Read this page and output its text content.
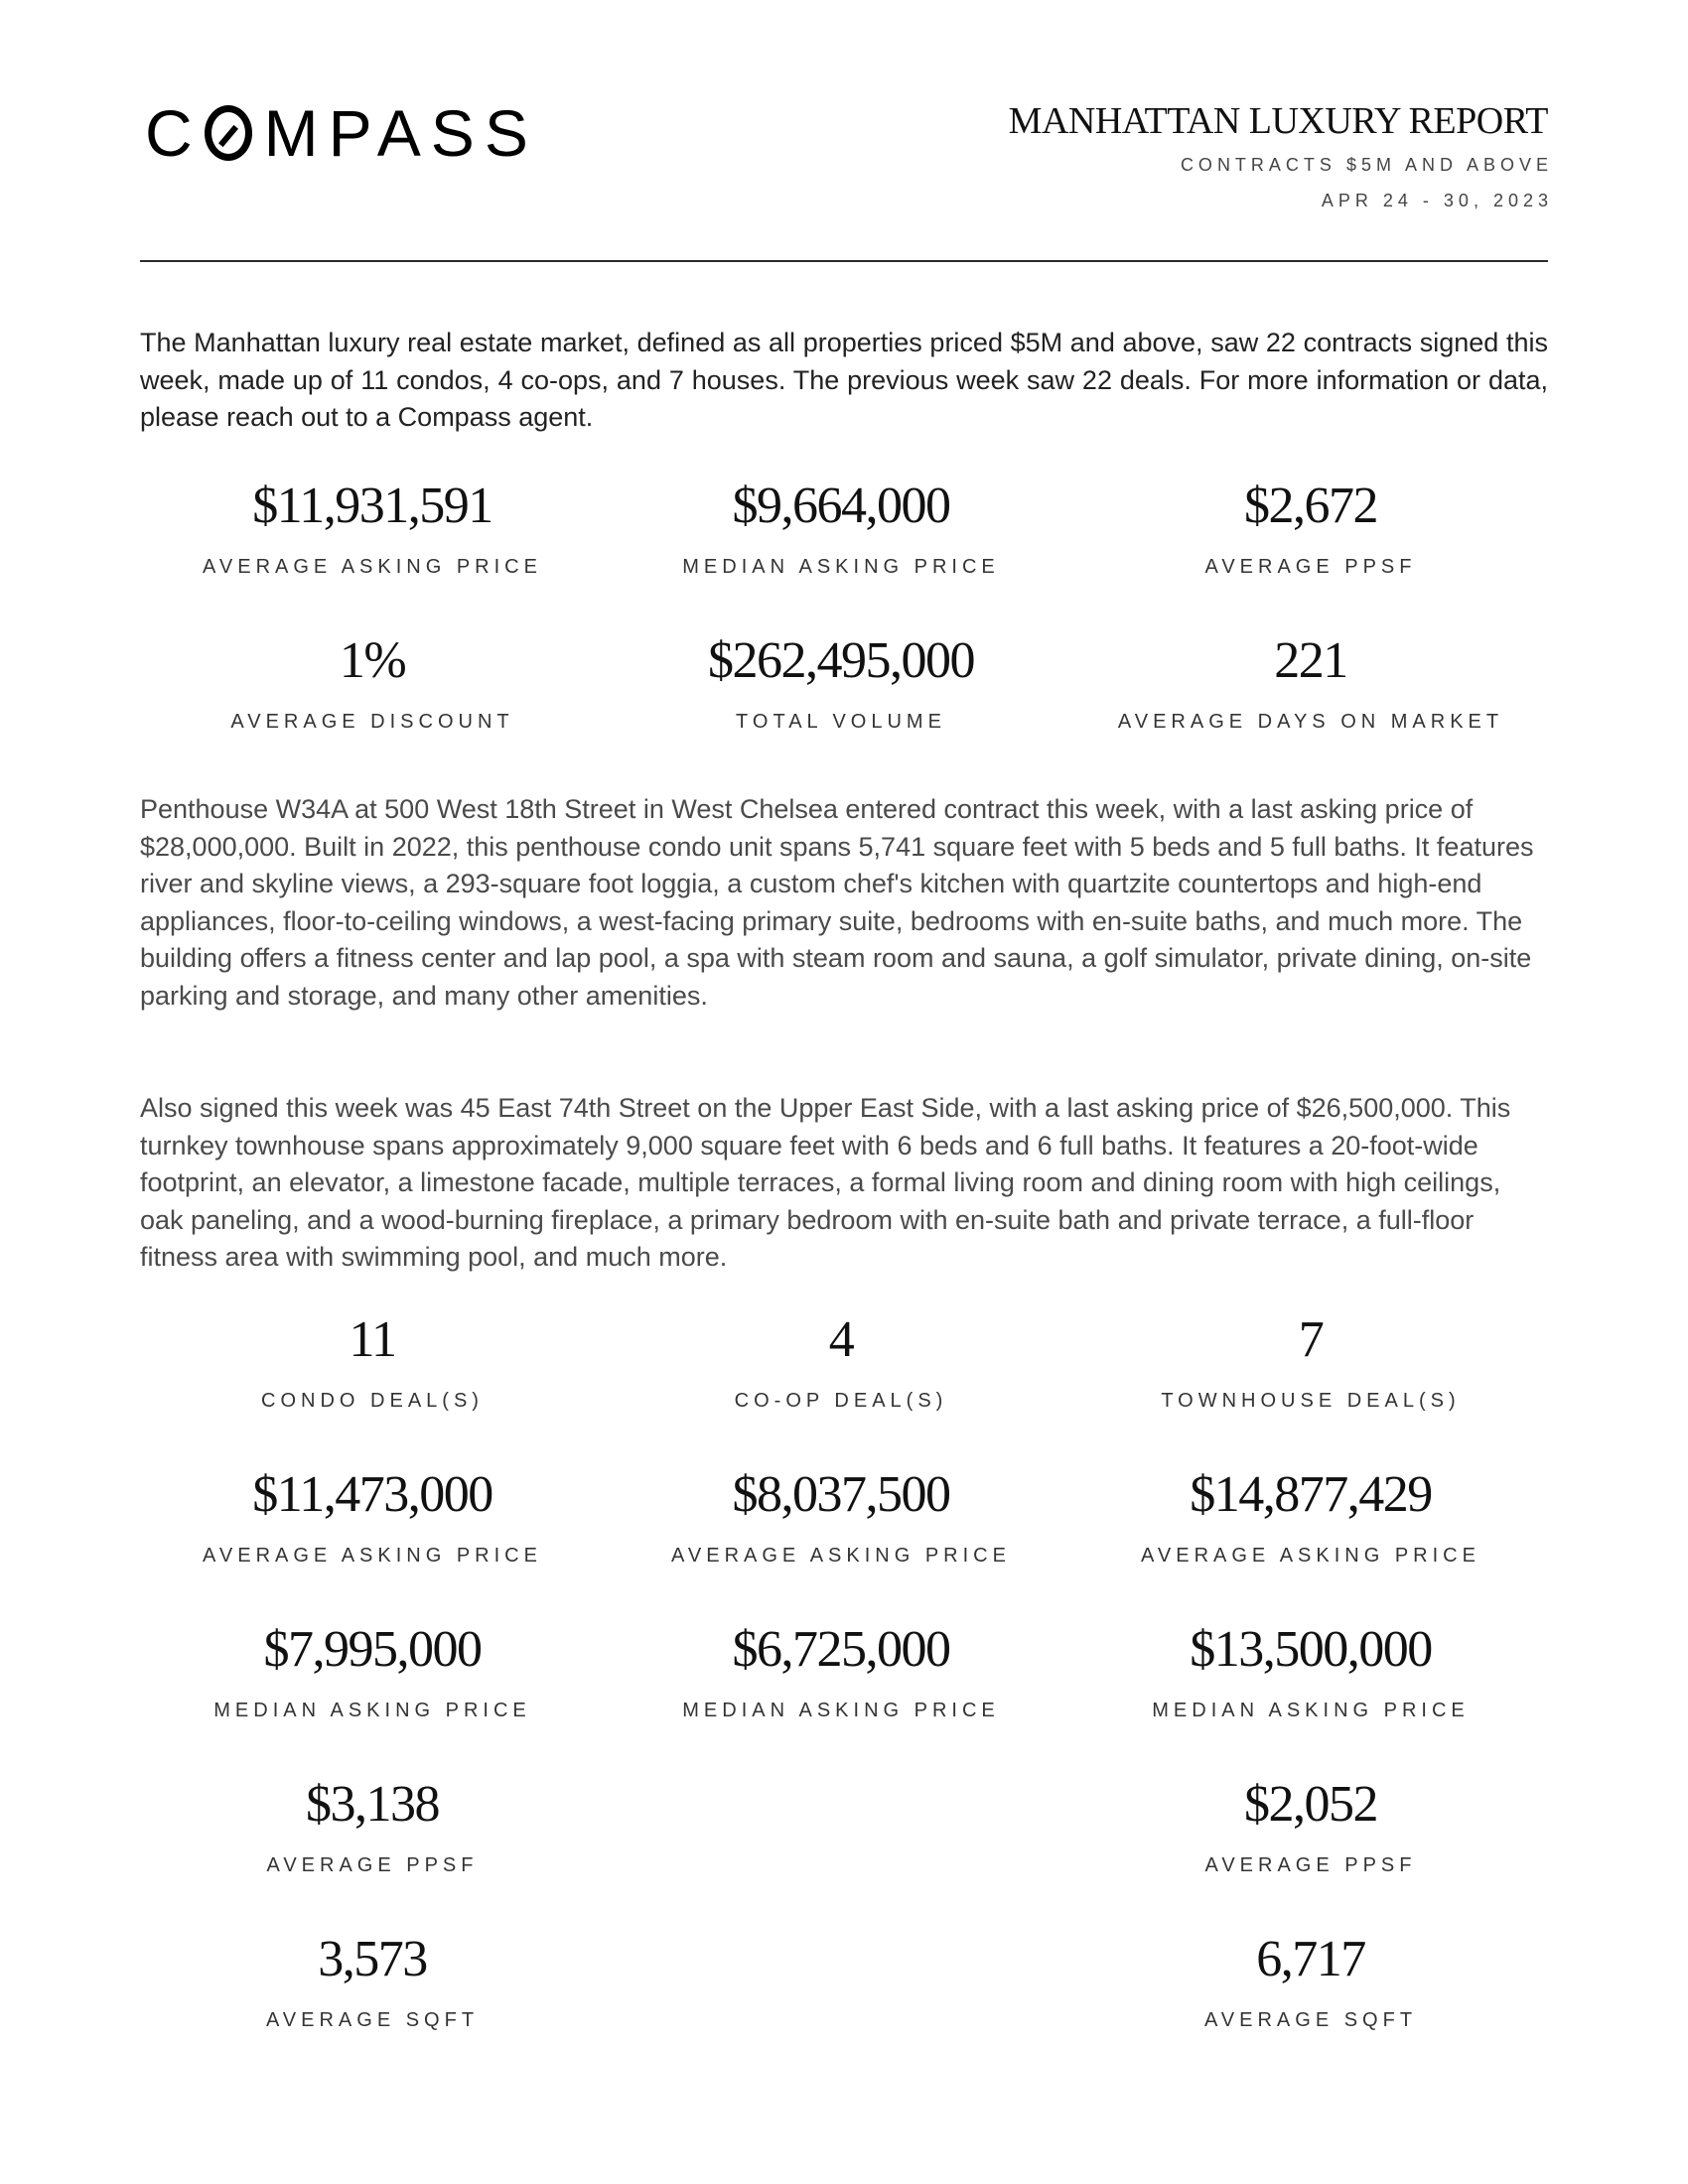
C MPASS	MANHATTAN LUXURY REPORT
CONTRACTS $5M AND ABOVE
APR 24 - 30, 2023

The Manhattan luxury real estate market, defined as all properties priced $5M and above, saw 22 contracts signed this week, made up of 11 condos, 4 co-ops, and 7 houses. The previous week saw 22 deals. For more information or data, please reach out to a Compass agent.

$11,931,591
AVERAGE ASKING PRICE
$9,664,000
MEDIAN ASKING PRICE
$2,672
AVERAGE PPSF
1%
AVERAGE DISCOUNT
$262,495,000
TOTAL VOLUME
221
AVERAGE DAYS ON MARKET

Penthouse W34A at 500 West 18th Street in West Chelsea entered contract this week, with a last asking price of $28,000,000. Built in 2022, this penthouse condo unit spans 5,741 square feet with 5 beds and 5 full baths. It features river and skyline views, a 293-square foot loggia, a custom chef's kitchen with quartzite countertops and high-end appliances, floor-to-ceiling windows, a west-facing primary suite, bedrooms with en-suite baths, and much more. The building offers a fitness center and lap pool, a spa with steam room and sauna, a golf simulator, private dining, on-site parking and storage, and many other amenities.

Also signed this week was 45 East 74th Street on the Upper East Side, with a last asking price of $26,500,000. This turnkey townhouse spans approximately 9,000 square feet with 6 beds and 6 full baths. It features a 20-foot-wide footprint, an elevator, a limestone facade, multiple terraces, a formal living room and dining room with high ceilings, oak paneling, and a wood-burning fireplace, a primary bedroom with en-suite bath and private terrace, a full-floor fitness area with swimming pool, and much more.

11
CONDO DEAL(S)
4
CO-OP DEAL(S)
7
TOWNHOUSE DEAL(S)
$11,473,000
AVERAGE ASKING PRICE
$8,037,500
AVERAGE ASKING PRICE
$14,877,429
AVERAGE ASKING PRICE
$7,995,000
MEDIAN ASKING PRICE
$6,725,000
MEDIAN ASKING PRICE
$13,500,000
MEDIAN ASKING PRICE
$3,138
AVERAGE PPSF
$2,052
AVERAGE PPSF
3,573
AVERAGE SQFT
6,717
AVERAGE SQFT
